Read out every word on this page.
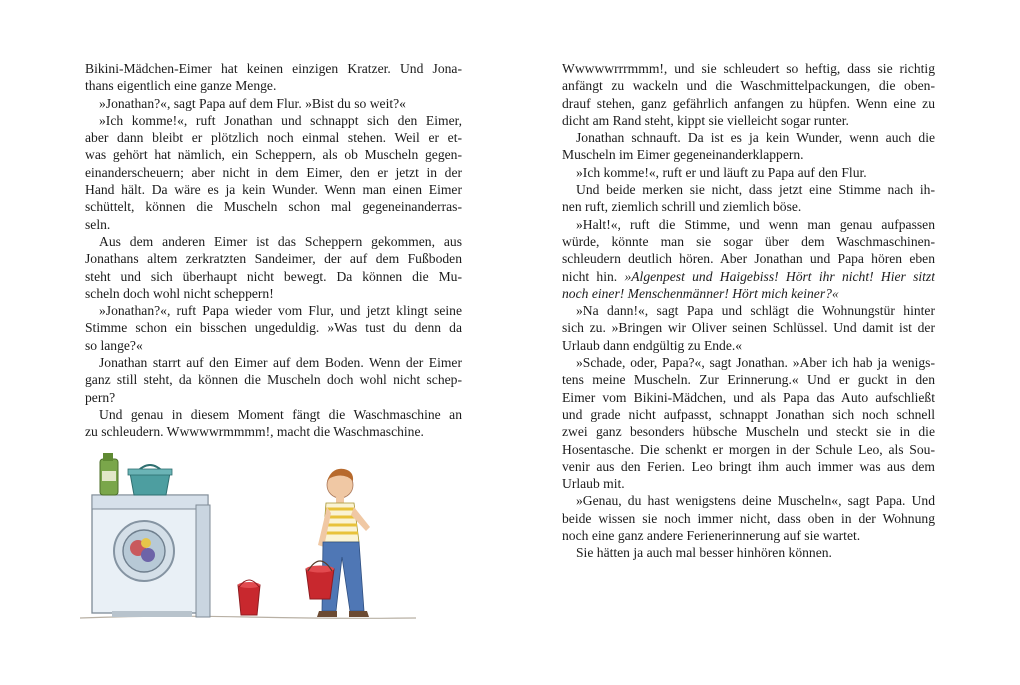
Bikini-Mädchen-Eimer hat keinen einzigen Kratzer. Und Jona-
thans eigentlich eine ganze Menge.
»Jonathan?«, sagt Papa auf dem Flur. »Bist du so weit?«
»Ich komme!«, ruft Jonathan und schnappt sich den Eimer,
aber dann bleibt er plötzlich noch einmal stehen. Weil er et-
was gehört hat nämlich, ein Scheppern, als ob Muscheln gegen-
einanderscheuern; aber nicht in dem Eimer, den er jetzt in der
Hand hält. Da wäre es ja kein Wunder. Wenn man einen Eimer
schüttelt, können die Muscheln schon mal gegeneinanderras-
seln.
Aus dem anderen Eimer ist das Scheppern gekommen, aus
Jonathans altem zerkratzten Sandeimer, der auf dem Fußboden
steht und sich überhaupt nicht bewegt. Da können die Mu-
scheln doch wohl nicht scheppern!
»Jonathan?«, ruft Papa wieder vom Flur, und jetzt klingt seine
Stimme schon ein bisschen ungeduldig. »Was tust du denn da
so lange?«
Jonathan starrt auf den Eimer auf dem Boden. Wenn der Eimer
ganz still steht, da können die Muscheln doch wohl nicht schep-
pern?
Und genau in diesem Moment fängt die Waschmaschine an
zu schleudern. Wwwwwrmmmm!, macht die Waschmaschine.
Wwwwwrrrmmm!, und sie schleudert so heftig, dass sie richtig
anfängt zu wackeln und die Waschmittelpackungen, die oben-
drauf stehen, ganz gefährlich anfangen zu hüpfen. Wenn eine zu
dicht am Rand steht, kippt sie vielleicht sogar runter.
Jonathan schnauft. Da ist es ja kein Wunder, wenn auch die
Muscheln im Eimer gegeneinanderklappern.
»Ich komme!«, ruft er und läuft zu Papa auf den Flur.
Und beide merken sie nicht, dass jetzt eine Stimme nach ih-
nen ruft, ziemlich schrill und ziemlich böse.
»Halt!«, ruft die Stimme, und wenn man genau aufpassen
würde, könnte man sie sogar über dem Waschmaschinen-
schleudern deutlich hören. Aber Jonathan und Papa hören eben
nicht hin. »Algenpest und Haigebiss! Hört ihr nicht! Hier sitzt
noch einer! Menschenmänner! Hört mich keiner?«
»Na dann!«, sagt Papa und schlägt die Wohnungstür hinter
sich zu. »Bringen wir Oliver seinen Schlüssel. Und damit ist der
Urlaub dann endgültig zu Ende.«
»Schade, oder, Papa?«, sagt Jonathan. »Aber ich hab ja wenigs-
tens meine Muscheln. Zur Erinnerung.« Und er guckt in den
Eimer vom Bikini-Mädchen, und als Papa das Auto aufschließt
und grade nicht aufpasst, schnappt Jonathan sich noch schnell
zwei ganz besonders hübsche Muscheln und steckt sie in die
Hosentasche. Die schenkt er morgen in der Schule Leo, als Sou-
venir aus den Ferien. Leo bringt ihm auch immer was aus dem
Urlaub mit.
»Genau, du hast wenigstens deine Muscheln«, sagt Papa. Und
beide wissen sie noch immer nicht, dass oben in der Wohnung
noch eine ganz andere Ferienerinnerung auf sie wartet.
Sie hätten ja auch mal besser hinhören können.
